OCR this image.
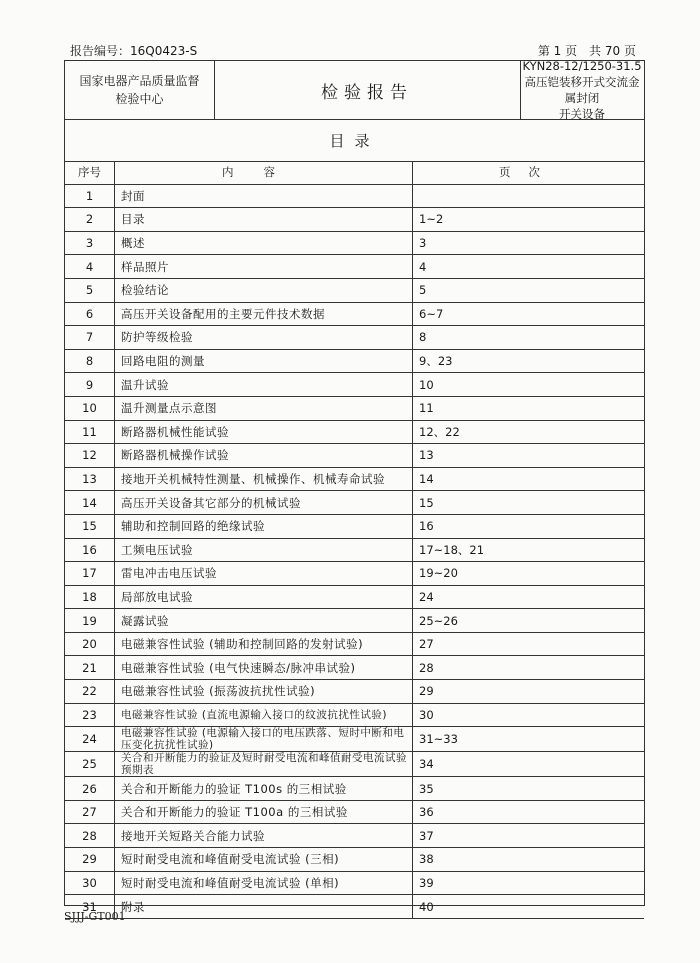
报告编号：16Q0423-S	第 1 页　共 70 页
国家电器产品质量监督
检验中心	检验报告
KYN28-12/1250-31.5
高压铠装移开式交流金属封闭
开关设备
目录
序号	内容	页次
1	封面	
2	目录	1~2
3	概述	3
4	样品照片	4
5	检验结论	5
6	高压开关设备配用的主要元件技术数据	6~7
7	防护等级检验	8
8	回路电阻的测量	9、23
9	温升试验	10
10	温升测量点示意图	11
11	断路器机械性能试验	12、22
12	断路器机械操作试验	13
13	接地开关机械特性测量、机械操作、机械寿命试验	14
14	高压开关设备其它部分的机械试验	15
15	辅助和控制回路的绝缘试验	16
16	工频电压试验	17~18、21
17	雷电冲击电压试验	19~20
18	局部放电试验	24
19	凝露试验	25~26
20	电磁兼容性试验 (辅助和控制回路的发射试验)	27
21	电磁兼容性试验 (电气快速瞬态/脉冲串试验)	28
22	电磁兼容性试验 (振荡波抗扰性试验)	29
23	电磁兼容性试验 (直流电源输入接口的纹波抗扰性试验)	30
24	电磁兼容性试验 (电源输入接口的电压跌落、短时中断和电压变化抗扰性试验)	31~33
25	关合和开断能力的验证及短时耐受电流和峰值耐受电流试验预期表	34
26	关合和开断能力的验证 T100s 的三相试验	35
27	关合和开断能力的验证 T100a 的三相试验	36
28	接地开关短路关合能力试验	37
29	短时耐受电流和峰值耐受电流试验 (三相)	38
30	短时耐受电流和峰值耐受电流试验 (单相)	39
31	附录	40
SJJJ-GT001
